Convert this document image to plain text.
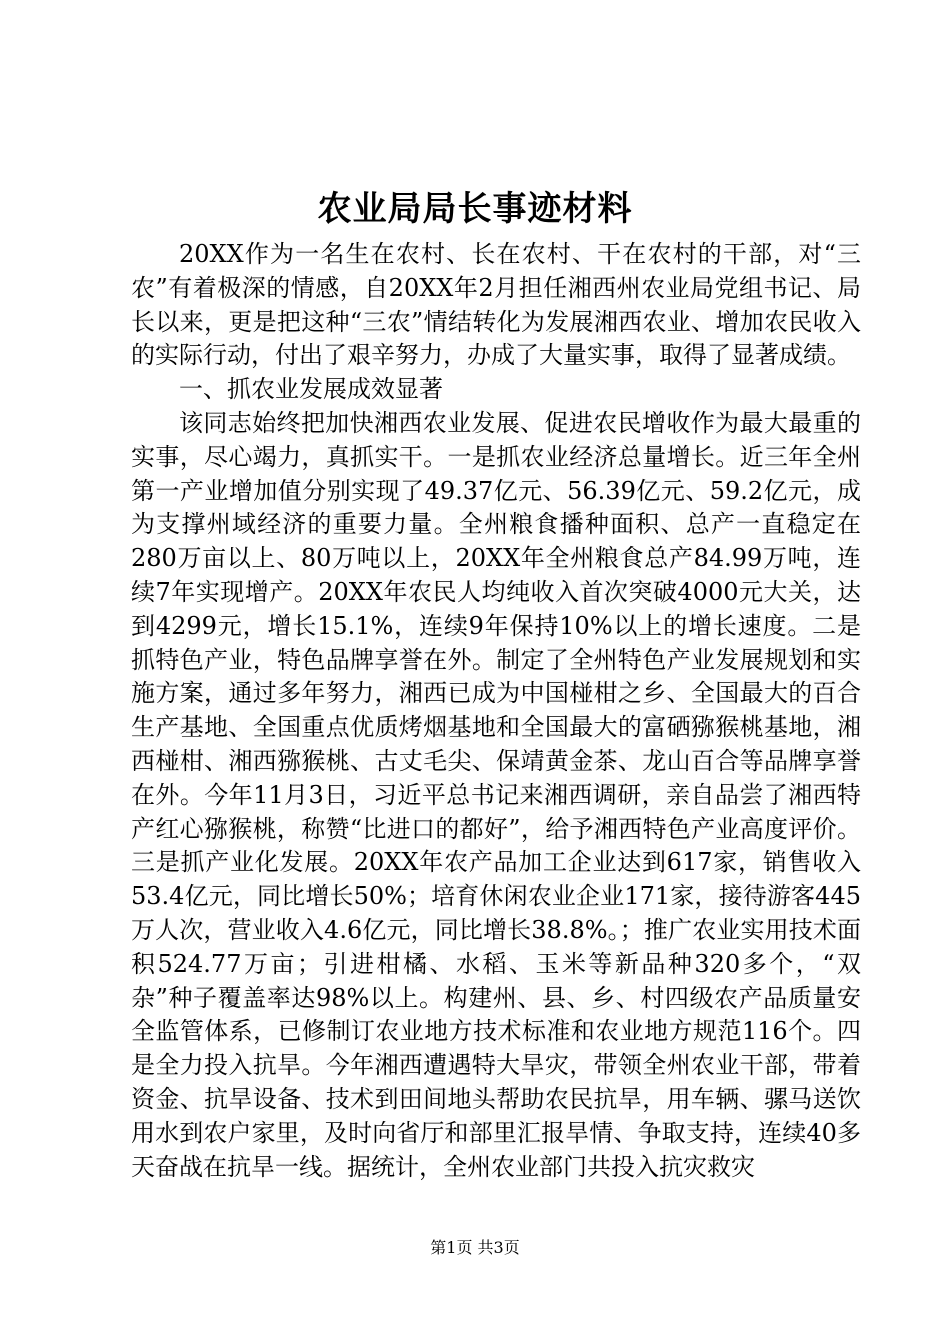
农业局局长事迹材料

20XX作为一名生在农村、长在农村、干在农村的干部，对“三农”有着极深的情感，自20XX年2月担任湘西州农业局党组书记、局长以来，更是把这种“三农”情结转化为发展湘西农业、增加农民收入的实际行动，付出了艰辛努力，办成了大量实事，取得了显著成绩。

一、抓农业发展成效显著

该同志始终把加快湘西农业发展、促进农民增收作为最大最重的实事，尽心竭力，真抓实干。一是抓农业经济总量增长。近三年全州第一产业增加值分别实现了49.37亿元、56.39亿元、59.2亿元，成为支撑州域经济的重要力量。全州粮食播种面积、总产一直稳定在280万亩以上、80万吨以上，20XX年全州粮食总产84.99万吨，连续7年实现增产。20XX年农民人均纯收入首次突破4000元大关，达到4299元，增长15.1%，连续9年保持10%以上的增长速度。二是抓特色产业，特色品牌享誉在外。制定了全州特色产业发展规划和实施方案，通过多年努力，湘西已成为中国椪柑之乡、全国最大的百合生产基地、全国重点优质烤烟基地和全国最大的富硒猕猴桃基地，湘西椪柑、湘西猕猴桃、古丈毛尖、保靖黄金茶、龙山百合等品牌享誉在外。今年11月3日，习近平总书记来湘西调研，亲自品尝了湘西特产红心猕猴桃，称赞“比进口的都好”，给予湘西特色产业高度评价。三是抓产业化发展。20XX年农产品加工企业达到617家，销售收入53.4亿元，同比增长50%；培育休闲农业企业171家，接待游客445万人次，营业收入4.6亿元，同比增长38.8%。；推广农业实用技术面积524.77万亩；引进柑橘、水稻、玉米等新品种320多个，“双杂”种子覆盖率达98%以上。构建州、县、乡、村四级农产品质量安全监管体系，已修制订农业地方技术标准和农业地方规范116个。四是全力投入抗旱。今年湘西遭遇特大旱灾，带领全州农业干部，带着资金、抗旱设备、技术到田间地头帮助农民抗旱，用车辆、骡马送饮用水到农户家里，及时向省厅和部里汇报旱情、争取支持，连续40多天奋战在抗旱一线。据统计，全州农业部门共投入抗灾救灾

第1页 共3页
